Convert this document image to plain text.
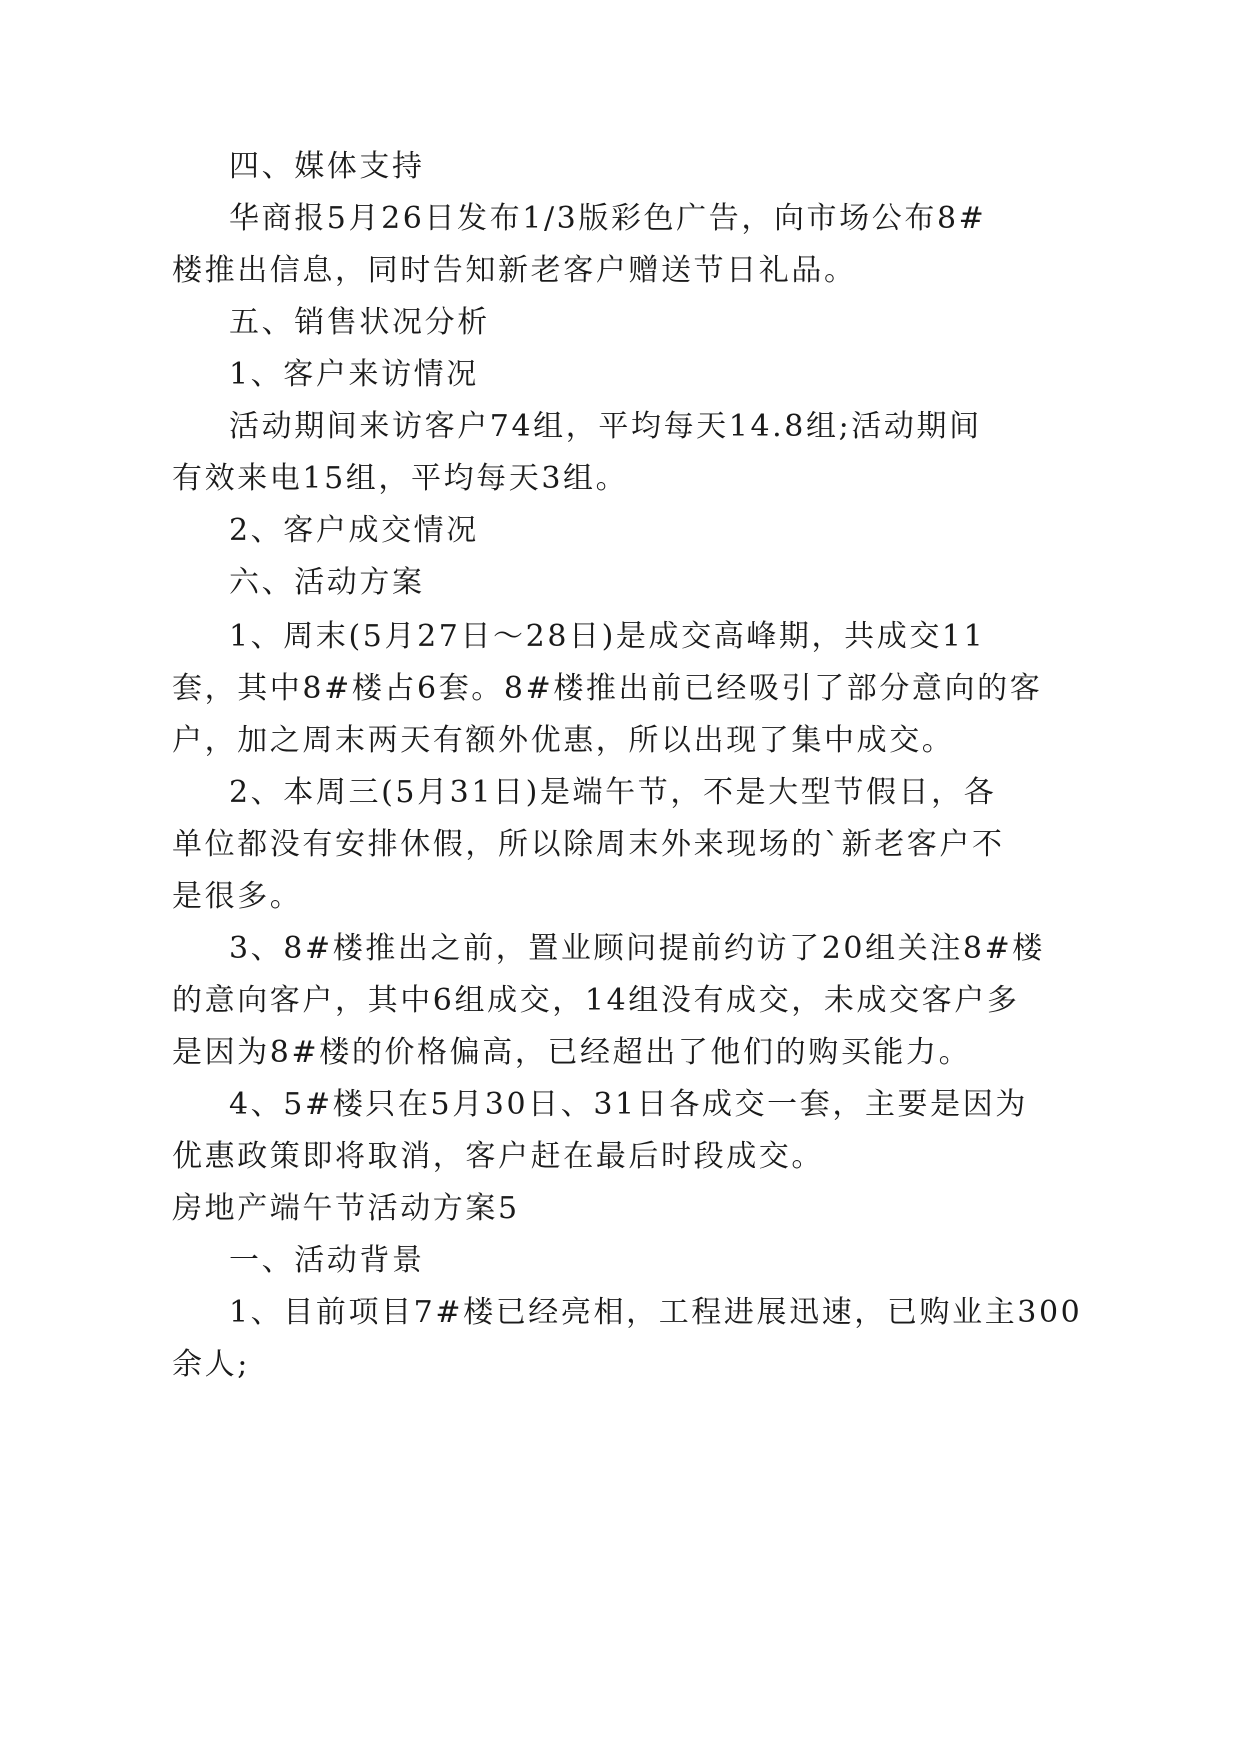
四、媒体支持
华商报5月26日发布1/3版彩色广告，向市场公布8#
楼推出信息，同时告知新老客户赠送节日礼品。
五、销售状况分析
1、客户来访情况
活动期间来访客户74组，平均每天14.8组;活动期间
有效来电15组，平均每天3组。
2、客户成交情况
六、活动方案
1、周末(5月27日～28日)是成交高峰期，共成交11
套，其中8#楼占6套。8#楼推出前已经吸引了部分意向的客
户，加之周末两天有额外优惠，所以出现了集中成交。
2、本周三(5月31日)是端午节，不是大型节假日，各
单位都没有安排休假，所以除周末外来现场的`新老客户不
是很多。
3、8#楼推出之前，置业顾问提前约访了20组关注8#楼
的意向客户，其中6组成交，14组没有成交，未成交客户多
是因为8#楼的价格偏高，已经超出了他们的购买能力。
4、5#楼只在5月30日、31日各成交一套，主要是因为
优惠政策即将取消，客户赶在最后时段成交。
房地产端午节活动方案5
一、活动背景
1、目前项目7#楼已经亮相，工程进展迅速，已购业主300
余人;
